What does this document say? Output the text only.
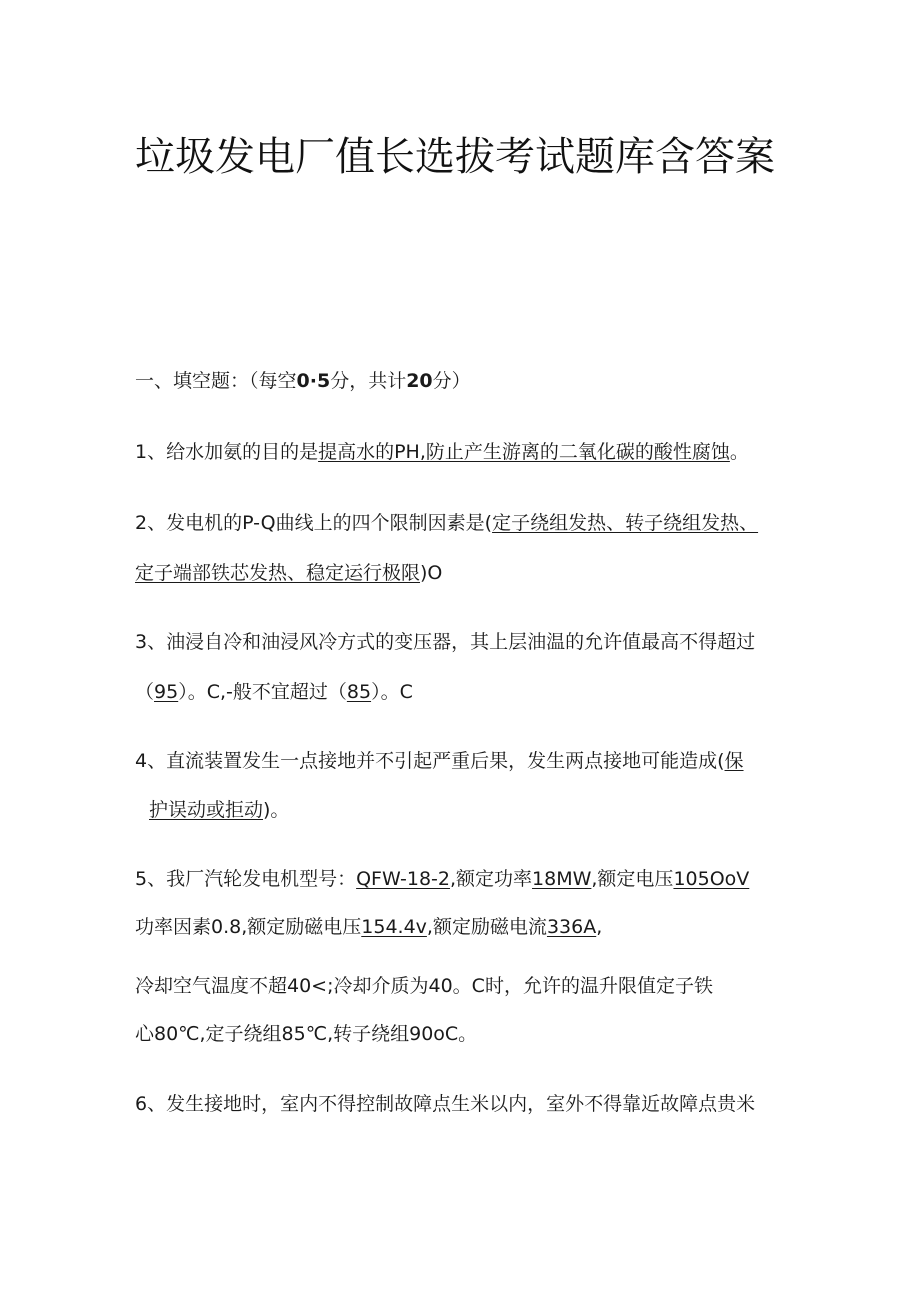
垃圾发电厂值长选拔考试题库含答案
一、填空题：（每空0·5分，共计20分）
1、给水加氨的目的是提高水的PH,防止产生游离的二氧化碳的酸性腐蚀。
2、发电机的P-Q曲线上的四个限制因素是(定子绕组发热、转子绕组发热、
定子端部铁芯发热、稳定运行极限)O
3、油浸自冷和油浸风冷方式的变压器，其上层油温的允许值最高不得超过
（95）。C,-般不宜超过（85）。C
4、直流装置发生一点接地并不引起严重后果，发生两点接地可能造成(保
护误动或拒动)。
5、我厂汽轮发电机型号：QFW-18-2,额定功率18MW,额定电压105OoV
功率因素0.8,额定励磁电压154.4v,额定励磁电流336A,
冷却空气温度不超40<;冷却介质为40。C时，允许的温升限值定子铁
心80℃,定子绕组85℃,转子绕组90oC。
6、发生接地时，室内不得控制故障点生米以内，室外不得靠近故障点贵米
